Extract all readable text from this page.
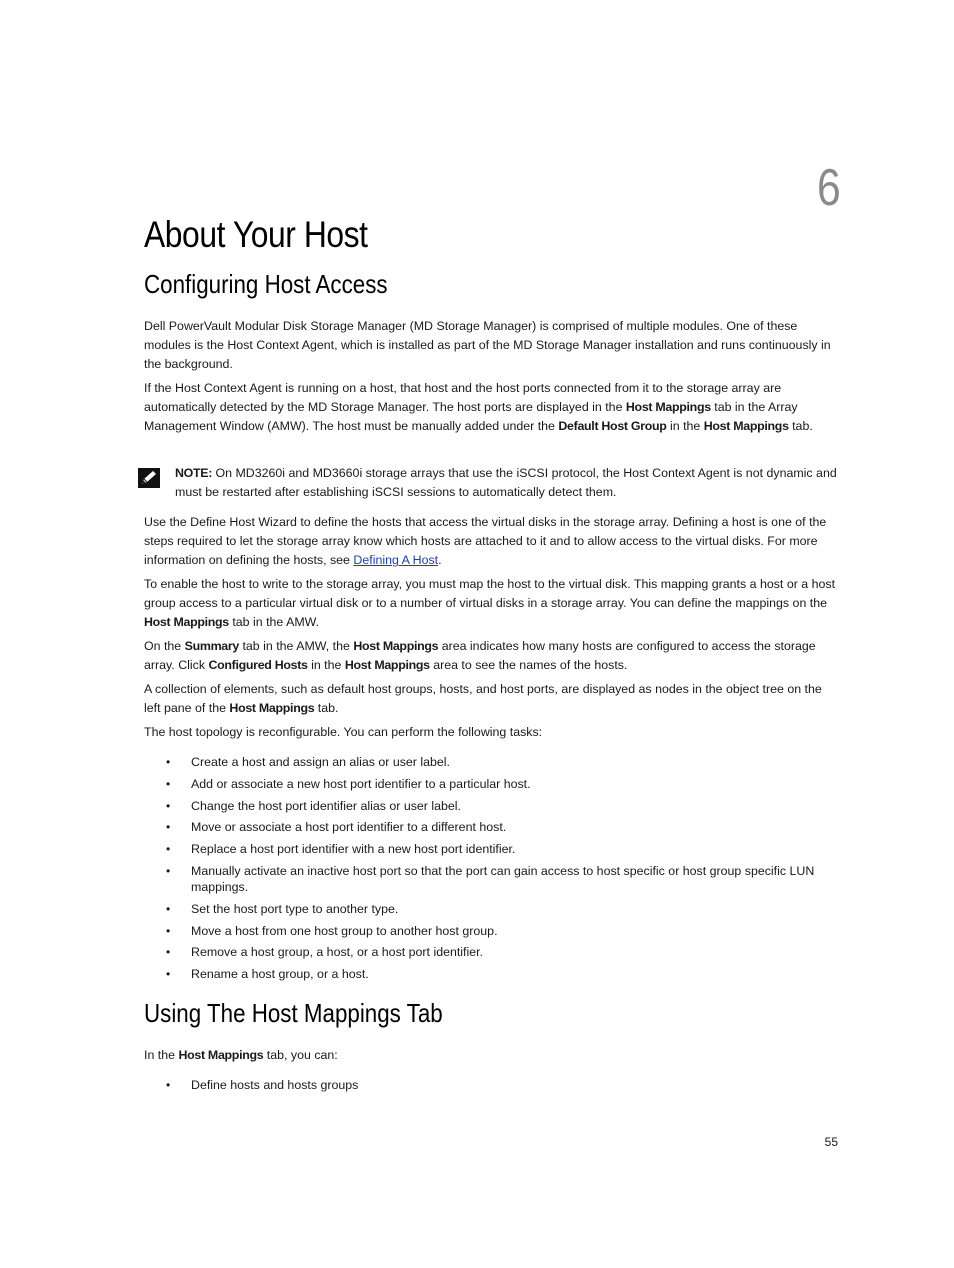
6
About Your Host
Configuring Host Access

Dell PowerVault Modular Disk Storage Manager (MD Storage Manager) is comprised of multiple modules. One of these modules is the Host Context Agent, which is installed as part of the MD Storage Manager installation and runs continuously in the background.

If the Host Context Agent is running on a host, that host and the host ports connected from it to the storage array are automatically detected by the MD Storage Manager. The host ports are displayed in the Host Mappings tab in the Array Management Window (AMW). The host must be manually added under the Default Host Group in the Host Mappings tab.

NOTE: On MD3260i and MD3660i storage arrays that use the iSCSI protocol, the Host Context Agent is not dynamic and must be restarted after establishing iSCSI sessions to automatically detect them.

Use the Define Host Wizard to define the hosts that access the virtual disks in the storage array. Defining a host is one of the steps required to let the storage array know which hosts are attached to it and to allow access to the virtual disks. For more information on defining the hosts, see Defining A Host.

To enable the host to write to the storage array, you must map the host to the virtual disk. This mapping grants a host or a host group access to a particular virtual disk or to a number of virtual disks in a storage array. You can define the mappings on the Host Mappings tab in the AMW.

On the Summary tab in the AMW, the Host Mappings area indicates how many hosts are configured to access the storage array. Click Configured Hosts in the Host Mappings area to see the names of the hosts.

A collection of elements, such as default host groups, hosts, and host ports, are displayed as nodes in the object tree on the left pane of the Host Mappings tab.

The host topology is reconfigurable. You can perform the following tasks:

• Create a host and assign an alias or user label.
• Add or associate a new host port identifier to a particular host.
• Change the host port identifier alias or user label.
• Move or associate a host port identifier to a different host.
• Replace a host port identifier with a new host port identifier.
• Manually activate an inactive host port so that the port can gain access to host specific or host group specific LUN mappings.
• Set the host port type to another type.
• Move a host from one host group to another host group.
• Remove a host group, a host, or a host port identifier.
• Rename a host group, or a host.
Using The Host Mappings Tab

In the Host Mappings tab, you can:

• Define hosts and hosts groups
55
